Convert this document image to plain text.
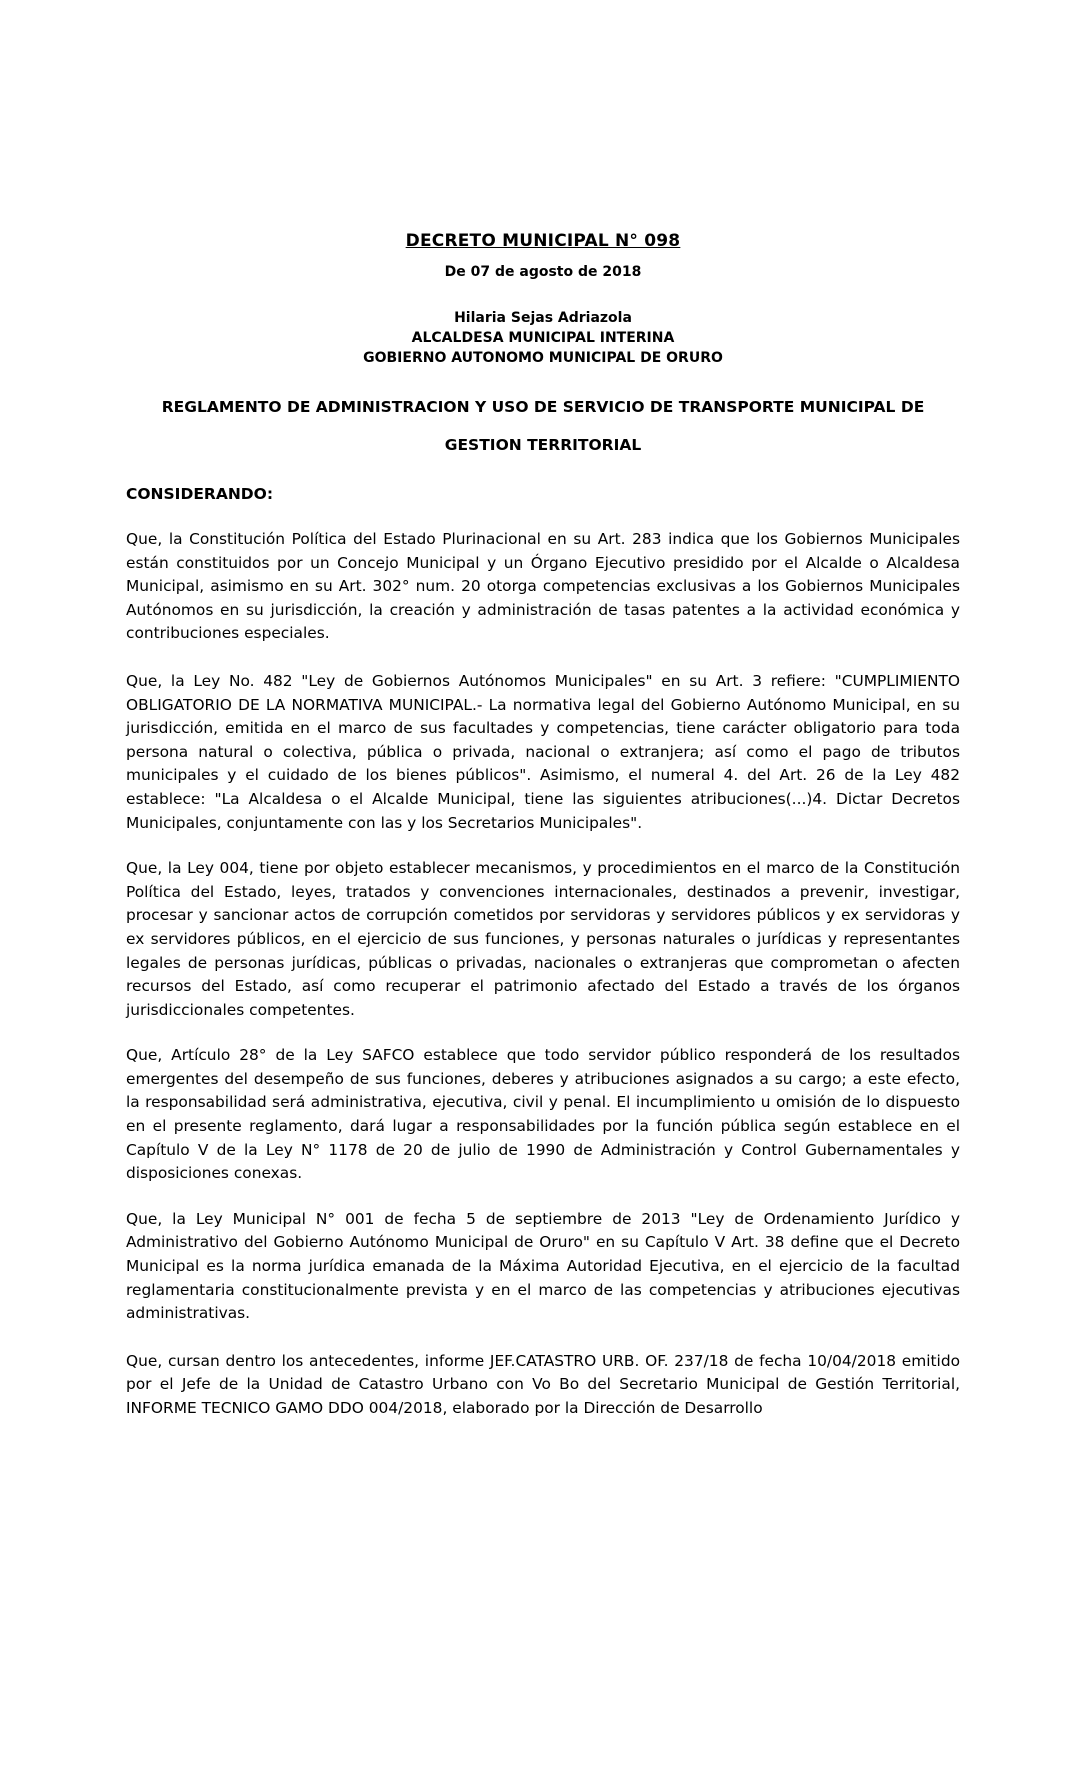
DECRETO MUNICIPAL N° 098

De 07 de agosto de 2018

Hilaria Sejas Adriazola
ALCALDESA MUNICIPAL INTERINA
GOBIERNO AUTONOMO MUNICIPAL DE ORURO
REGLAMENTO DE ADMINISTRACION Y USO DE SERVICIO DE TRANSPORTE MUNICIPAL DE GESTION TERRITORIAL
CONSIDERANDO:

Que, la Constitución Política del Estado Plurinacional en su Art. 283 indica que los Gobiernos Municipales están constituidos por un Concejo Municipal y un Órgano Ejecutivo presidido por el Alcalde o Alcaldesa Municipal, asimismo en su Art. 302° num. 20 otorga competencias exclusivas a los Gobiernos Municipales Autónomos en su jurisdicción, la creación y administración de tasas patentes a la actividad económica y contribuciones especiales.

Que, la Ley No. 482 "Ley de Gobiernos Autónomos Municipales" en su Art. 3 refiere: "CUMPLIMIENTO OBLIGATORIO DE LA NORMATIVA MUNICIPAL.- La normativa legal del Gobierno Autónomo Municipal, en su jurisdicción, emitida en el marco de sus facultades y competencias, tiene carácter obligatorio para toda persona natural o colectiva, pública o privada, nacional o extranjera; así como el pago de tributos municipales y el cuidado de los bienes públicos". Asimismo, el numeral 4. del Art. 26 de la Ley 482 establece: "La Alcaldesa o el Alcalde Municipal, tiene las siguientes atribuciones(...)4. Dictar Decretos Municipales, conjuntamente con las y los Secretarios Municipales".

Que, la Ley 004, tiene por objeto establecer mecanismos, y procedimientos en el marco de la Constitución Política del Estado, leyes, tratados y convenciones internacionales, destinados a prevenir, investigar, procesar y sancionar actos de corrupción cometidos por servidoras y servidores públicos y ex servidoras y ex servidores públicos, en el ejercicio de sus funciones, y personas naturales o jurídicas y representantes legales de personas jurídicas, públicas o privadas, nacionales o extranjeras que comprometan o afecten recursos del Estado, así como recuperar el patrimonio afectado del Estado a través de los órganos jurisdiccionales competentes.

Que, Artículo 28° de la Ley SAFCO establece que todo servidor público responderá de los resultados emergentes del desempeño de sus funciones, deberes y atribuciones asignados a su cargo; a este efecto, la responsabilidad será administrativa, ejecutiva, civil y penal. El incumplimiento u omisión de lo dispuesto en el presente reglamento, dará lugar a responsabilidades por la función pública según establece en el Capítulo V de la Ley N° 1178 de 20 de julio de 1990 de Administración y Control Gubernamentales y disposiciones conexas.

Que, la Ley Municipal N° 001 de fecha 5 de septiembre de 2013 "Ley de Ordenamiento Jurídico y Administrativo del Gobierno Autónomo Municipal de Oruro" en su Capítulo V Art. 38 define que el Decreto Municipal es la norma jurídica emanada de la Máxima Autoridad Ejecutiva, en el ejercicio de la facultad reglamentaria constitucionalmente prevista y en el marco de las competencias y atribuciones ejecutivas administrativas.

Que, cursan dentro los antecedentes, informe JEF.CATASTRO URB. OF. 237/18 de fecha 10/04/2018 emitido por el Jefe de la Unidad de Catastro Urbano con Vo Bo del Secretario Municipal de Gestión Territorial, INFORME TECNICO GAMO DDO 004/2018, elaborado por la Dirección de Desarrollo
